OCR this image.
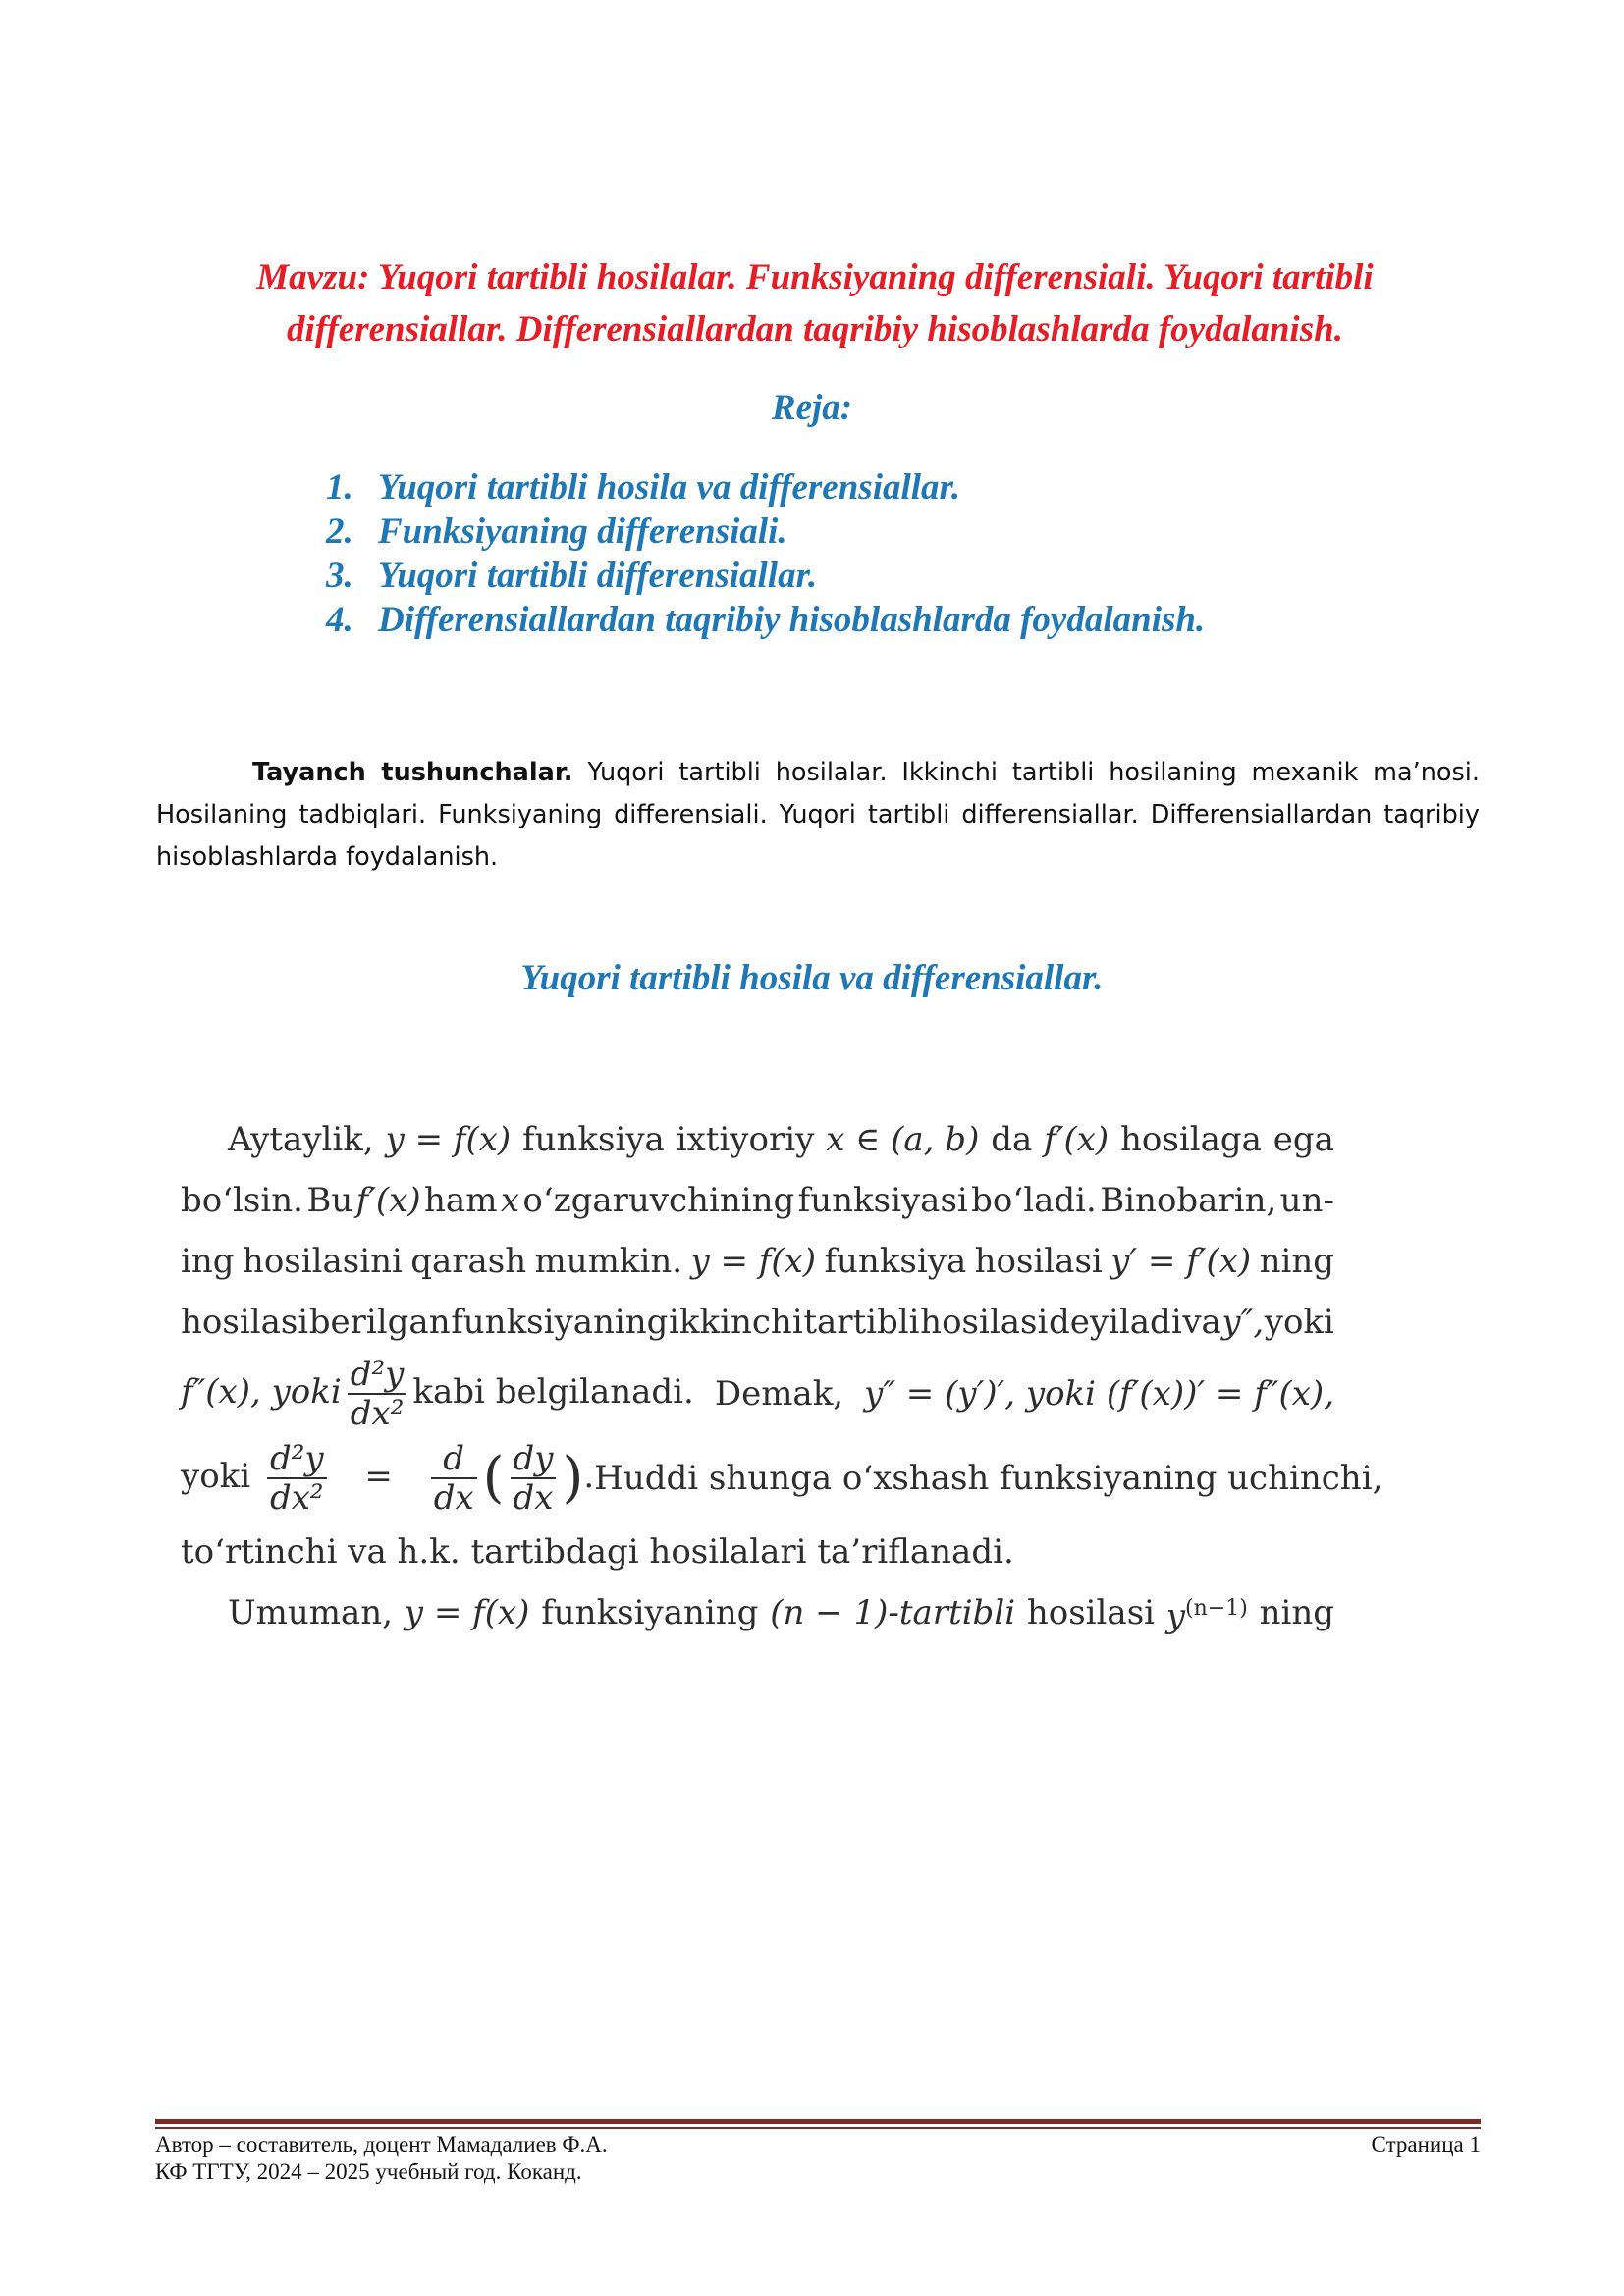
Mavzu: Yuqori tartibli hosilalar. Funksiyaning differensiali. Yuqori tartibli differensiallar. Differensiallardan taqribiy hisoblashlarda foydalanish.
Reja:
1. Yuqori tartibli hosila va differensiallar.
2. Funksiyaning differensiali.
3. Yuqori tartibli differensiallar.
4. Differensiallardan taqribiy hisoblashlarda foydalanish.

Tayanch tushunchalar. Yuqori tartibli hosilalar. Ikkinchi tartibli hosilaning mexanik ma’nosi. Hosilaning tadbiqlari. Funksiyaning differensiali. Yuqori tartibli differensiallar. Differensiallardan taqribiy hisoblashlarda foydalanish.

Yuqori tartibli hosila va differensiallar.
Aytaylik, y = f(x) funksiya ixtiyoriy x ∈ (a, b) da f′(x) hosilaga ega
bo‘lsin. Bu f′(x) ham x o‘zgaruvchining funksiyasi bo‘ladi. Binobarin, un-
ing hosilasini qarash mumkin. y = f(x) funksiya hosilasi y′ = f′(x) ning
hosilasi berilgan funksiyaning ikkinchi tartibli hosilasi deyiladi va y″, yoki
f″(x), yoki $\frac{\text{d²y}}{\text{dx²}}$ kabi belgilanadi. Demak, y″ = (y′)′, yoki (f′(x))′ = f″(x),
yoki $\frac{\text{d²y}}{\text{dx²}} = \frac{d}{dx}$ ( $\frac{dy}{dx}$ ). Huddi shunga o‘xshash funksiyaning uchinchi,
to‘rtinchi va h.k. tartibdagi hosilalari ta’riflanadi.
Umuman, y = f(x) funksiyaning (n − 1)-tartibli hosilasi $y^{(n-1)}$ ning
Автор – составитель, доцент Мамадалиев Ф.А.	Страница 1
КФ ТГТУ, 2024 – 2025 учебный год. Коканд.
